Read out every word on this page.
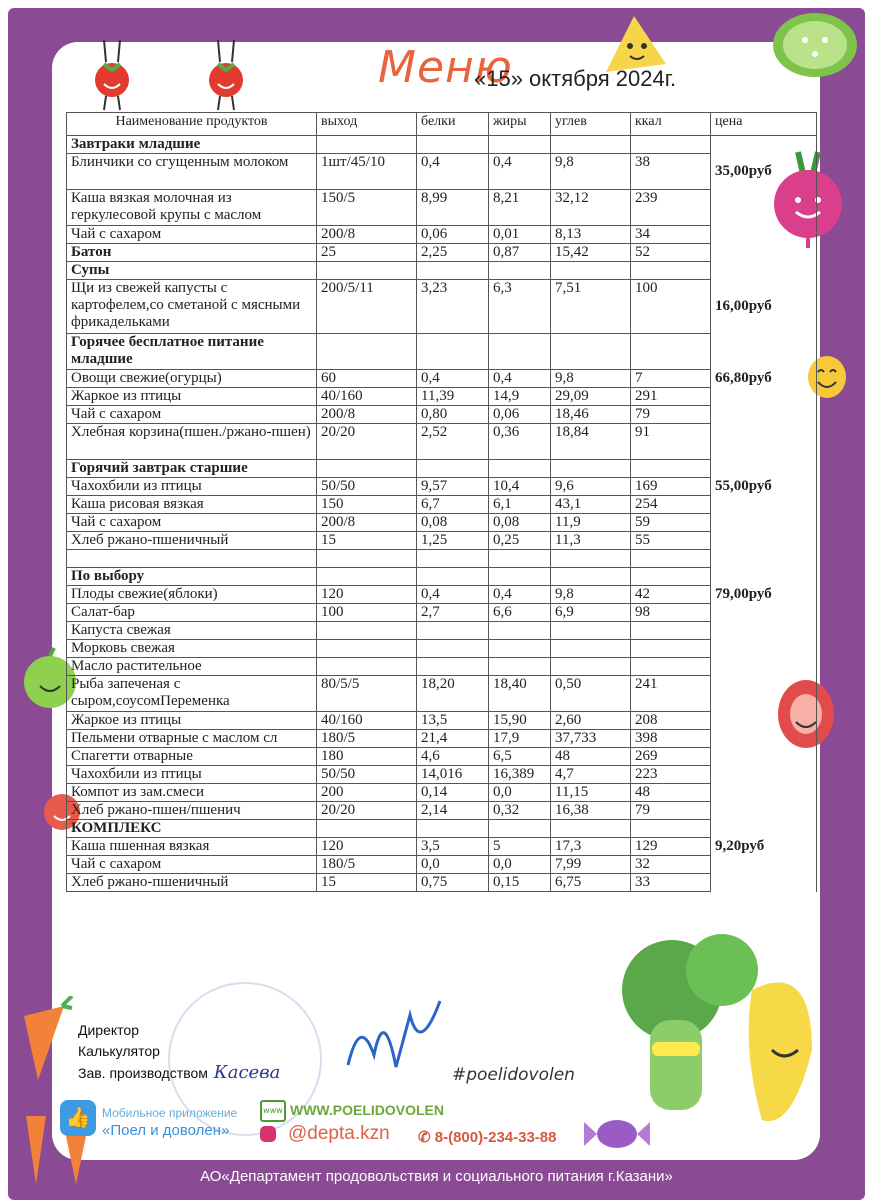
Меню
«15» октября 2024г.
Наименование продуктов	выход	белки	жиры	углев	ккал	цена
Завтраки младшие						
Блинчики со сгущенным молоком	1шт/45/10	0,4	0,4	9,8	38	35,00руб
Каша вязкая молочная из геркулесовой крупы с маслом	150/5	8,99	8,21	32,12	239	
Чай с сахаром	200/8	0,06	0,01	8,13	34	
Батон	25	2,25	0,87	15,42	52	
Супы						
Щи из свежей капусты с картофелем,со сметаной с мясными фрикадельками	200/5/11	3,23	6,3	7,51	100	16,00руб
Горячее бесплатное питание младшие						
Овощи свежие(огурцы)	60	0,4	0,4	9,8	7	66,80руб
Жаркое из птицы	40/160	11,39	14,9	29,09	291	
Чай с сахаром	200/8	0,80	0,06	18,46	79	
Хлебная корзина(пшен./ржано-пшен)	20/20	2,52	0,36	18,84	91	
Горячий завтрак старшие						
Чахохбили из птицы	50/50	9,57	10,4	9,6	169	55,00руб
Каша рисовая вязкая	150	6,7	6,1	43,1	254	
Чай с сахаром	200/8	0,08	0,08	11,9	59	
Хлеб ржано-пшеничный	15	1,25	0,25	11,3	55	

По выбору						
Плоды свежие(яблоки)	120	0,4	0,4	9,8	42	79,00руб
Салат-бар	100	2,7	6,6	6,9	98	
Капуста свежая						
Морковь свежая						
Масло растительное						
Рыба запеченая с сыром,соусомПеременка	80/5/5	18,20	18,40	0,50	241	
Жаркое из птицы	40/160	13,5	15,90	2,60	208	
Пельмени отварные с маслом сл	180/5	21,4	17,9	37,733	398	
Спагетти отварные	180	4,6	6,5	48	269	
Чахохбили из птицы	50/50	14,016	16,389	4,7	223	
Компот из зам.смеси	200	0,14	0,0	11,15	48	
Хлеб ржано-пшен/пшенич	20/20	2,14	0,32	16,38	79	
КОМПЛЕКС						
Каша пшенная вязкая	120	3,5	5	17,3	129	9,20руб
Чай с сахаром	180/5	0,0	0,0	7,99	32	
Хлеб ржано-пшеничный	15	0,75	0,15	6,75	33	
Директор
Калькулятор
Зав. производством Касева	#poelidovolen
👍 Мобильное приложение
«Поел и доволен»
www WWW.POELIDOVOLEN
@depta.kzn ✆ 8-(800)-234-33-88
АО«Департамент продовольствия и социального питания г.Казани»
